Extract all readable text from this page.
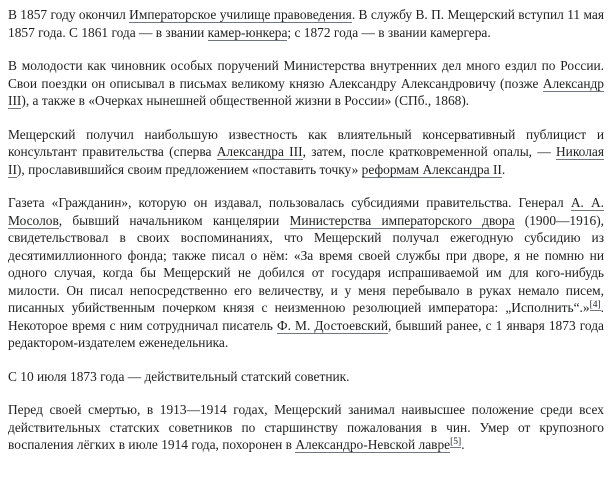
В 1857 году окончил Императорское училище правоведения. В службу В. П. Мещерский вступил 11 мая 1857 года. С 1861 года — в звании камер-юнкера; с 1872 года — в звании камергера.

В молодости как чиновник особых поручений Министерства внутренних дел много ездил по России. Свои поездки он описывал в письмах великому князю Александру Александровичу (позже Александр III), а также в «Очерках нынешней общественной жизни в России» (СПб., 1868).

Мещерский получил наибольшую известность как влиятельный консервативный публицист и консультант правительства (сперва Александра III, затем, после кратковременной опалы, — Николая II), прославившийся своим предложением «поставить точку» реформам Александра II.

Газета «Гражданин», которую он издавал, пользовалась субсидиями правительства. Генерал А. А. Мосолов, бывший начальником канцелярии Министерства императорского двора (1900—1916), свидетельствовал в своих воспоминаниях, что Мещерский получал ежегодную субсидию из десятимиллионного фонда; также писал о нём: «За время своей службы при дворе, я не помню ни одного случая, когда бы Мещерский не добился от государя испрашиваемой им для кого-нибудь милости. Он писал непосредственно его величеству, и у меня перебывало в руках немало писем, писанных убийственным почерком князя с неизменною резолюцией императора: „Исполнить“.»[4]. Некоторое время с ним сотрудничал писатель Ф. М. Достоевский, бывший ранее, с 1 января 1873 года редактором-издателем еженедельника.

С 10 июля 1873 года — действительный статский советник.

Перед своей смертью, в 1913—1914 годах, Мещерский занимал наивысшее положение среди всех действительных статских советников по старшинству пожалования в чин. Умер от крупозного воспаления лёгких в июле 1914 года, похоронен в Александро-Невской лавре[5].
